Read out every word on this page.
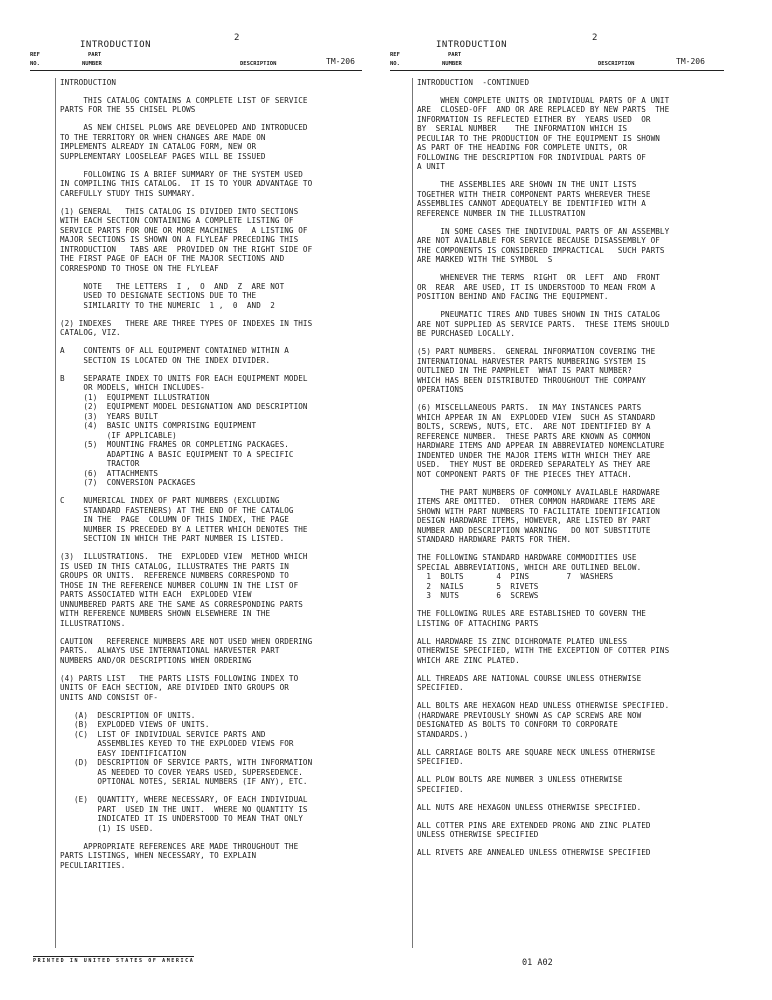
2
INTRODUCTION
REF
NO.
PART
NUMBER	DESCRIPTION	TM-206
2
INTRODUCTION
REF
NO.
PART
NUMBER	DESCRIPTION	TM-206

INTRODUCTION

THIS CATALOG CONTAINS A COMPLETE LIST OF SERVICE
PARTS FOR THE 55 CHISEL PLOWS

AS NEW CHISEL PLOWS ARE DEVELOPED AND INTRODUCED
TO THE TERRITORY OR WHEN CHANGES ARE MADE ON
IMPLEMENTS ALREADY IN CATALOG FORM, NEW OR
SUPPLEMENTARY LOOSELEAF PAGES WILL BE ISSUED

FOLLOWING IS A BRIEF SUMMARY OF THE SYSTEM USED
IN COMPILING THIS CATALOG.  IT IS TO YOUR ADVANTAGE TO
CAREFULLY STUDY THIS SUMMARY.

(1) GENERAL   THIS CATALOG IS DIVIDED INTO SECTIONS
WITH EACH SECTION CONTAINING A COMPLETE LISTING OF
SERVICE PARTS FOR ONE OR MORE MACHINES   A LISTING OF
MAJOR SECTIONS IS SHOWN ON A FLYLEAF PRECEDING THIS
INTRODUCTION   TABS ARE  PROVIDED ON THE RIGHT SIDE OF
THE FIRST PAGE OF EACH OF THE MAJOR SECTIONS AND
CORRESPOND TO THOSE ON THE FLYLEAF

NOTE   THE LETTERS  I ,  O  AND  Z  ARE NOT
USED TO DESIGNATE SECTIONS DUE TO THE
SIMILARITY TO THE NUMERIC  1 ,  0  AND  2

(2) INDEXES   THERE ARE THREE TYPES OF INDEXES IN THIS
CATALOG, VIZ.

A    CONTENTS OF ALL EQUIPMENT CONTAINED WITHIN A
SECTION IS LOCATED ON THE INDEX DIVIDER.

B    SEPARATE INDEX TO UNITS FOR EACH EQUIPMENT MODEL
OR MODELS, WHICH INCLUDES-
(1)  EQUIPMENT ILLUSTRATION
(2)  EQUIPMENT MODEL DESIGNATION AND DESCRIPTION
(3)  YEARS BUILT
(4)  BASIC UNITS COMPRISING EQUIPMENT
(IF APPLICABLE)
(5)  MOUNTING FRAMES OR COMPLETING PACKAGES.
ADAPTING A BASIC EQUIPMENT TO A SPECIFIC
TRACTOR
(6)  ATTACHMENTS
(7)  CONVERSION PACKAGES

C    NUMERICAL INDEX OF PART NUMBERS (EXCLUDING
STANDARD FASTENERS) AT THE END OF THE CATALOG
IN THE  PAGE  COLUMN OF THIS INDEX, THE PAGE
NUMBER IS PRECEDED BY A LETTER WHICH DENOTES THE
SECTION IN WHICH THE PART NUMBER IS LISTED.

(3)  ILLUSTRATIONS.  THE  EXPLODED VIEW  METHOD WHICH
IS USED IN THIS CATALOG, ILLUSTRATES THE PARTS IN
GROUPS OR UNITS.  REFERENCE NUMBERS CORRESPOND TO
THOSE IN THE REFERENCE NUMBER COLUMN IN THE LIST OF
PARTS ASSOCIATED WITH EACH  EXPLODED VIEW
UNNUMBERED PARTS ARE THE SAME AS CORRESPONDING PARTS
WITH REFERENCE NUMBERS SHOWN ELSEWHERE IN THE
ILLUSTRATIONS.

CAUTION   REFERENCE NUMBERS ARE NOT USED WHEN ORDERING
PARTS.  ALWAYS USE INTERNATIONAL HARVESTER PART
NUMBERS AND/OR DESCRIPTIONS WHEN ORDERING

(4) PARTS LIST   THE PARTS LISTS FOLLOWING INDEX TO
UNITS OF EACH SECTION, ARE DIVIDED INTO GROUPS OR
UNITS AND CONSIST OF-

(A)  DESCRIPTION OF UNITS.
(B)  EXPLODED VIEWS OF UNITS.
(C)  LIST OF INDIVIDUAL SERVICE PARTS AND
ASSEMBLIES KEYED TO THE EXPLODED VIEWS FOR
EASY IDENTIFICATION
(D)  DESCRIPTION OF SERVICE PARTS, WITH INFORMATION
AS NEEDED TO COVER YEARS USED, SUPERSEDENCE.
OPTIONAL NOTES, SERIAL NUMBERS (IF ANY), ETC.

(E)  QUANTITY, WHERE NECESSARY, OF EACH INDIVIDUAL
PART  USED IN THE UNIT.  WHERE NO QUANTITY IS
INDICATED IT IS UNDERSTOOD TO MEAN THAT ONLY
(1) IS USED.

APPROPRIATE REFERENCES ARE MADE THROUGHOUT THE
PARTS LISTINGS, WHEN NECESSARY, TO EXPLAIN
PECULIARITIES.

INTRODUCTION  -CONTINUED

WHEN COMPLETE UNITS OR INDIVIDUAL PARTS OF A UNIT
ARE  CLOSED-OFF  AND OR ARE REPLACED BY NEW PARTS  THE
INFORMATION IS REFLECTED EITHER BY  YEARS USED  OR
BY  SERIAL NUMBER    THE INFORMATION WHICH IS
PECULIAR TO THE PRODUCTION OF THE EQUIPMENT IS SHOWN
AS PART OF THE HEADING FOR COMPLETE UNITS, OR
FOLLOWING THE DESCRIPTION FOR INDIVIDUAL PARTS OF
A UNIT

THE ASSEMBLIES ARE SHOWN IN THE UNIT LISTS
TOGETHER WITH THEIR COMPONENT PARTS WHEREVER THESE
ASSEMBLIES CANNOT ADEQUATELY BE IDENTIFIED WITH A
REFERENCE NUMBER IN THE ILLUSTRATION

IN SOME CASES THE INDIVIDUAL PARTS OF AN ASSEMBLY
ARE NOT AVAILABLE FOR SERVICE BECAUSE DISASSEMBLY OF
THE COMPONENTS IS CONSIDERED IMPRACTICAL   SUCH PARTS
ARE MARKED WITH THE SYMBOL  S

WHENEVER THE TERMS  RIGHT  OR  LEFT  AND  FRONT
OR  REAR  ARE USED, IT IS UNDERSTOOD TO MEAN FROM A
POSITION BEHIND AND FACING THE EQUIPMENT.

PNEUMATIC TIRES AND TUBES SHOWN IN THIS CATALOG
ARE NOT SUPPLIED AS SERVICE PARTS.  THESE ITEMS SHOULD
BE PURCHASED LOCALLY.

(5) PART NUMBERS.  GENERAL INFORMATION COVERING THE
INTERNATIONAL HARVESTER PARTS NUMBERING SYSTEM IS
OUTLINED IN THE PAMPHLET  WHAT IS PART NUMBER?
WHICH HAS BEEN DISTRIBUTED THROUGHOUT THE COMPANY
OPERATIONS

(6) MISCELLANEOUS PARTS.  IN MAY INSTANCES PARTS
WHICH APPEAR IN AN  EXPLODED VIEW  SUCH AS STANDARD
BOLTS, SCREWS, NUTS, ETC.  ARE NOT IDENTIFIED BY A
REFERENCE NUMBER.  THESE PARTS ARE KNOWN AS COMMON
HARDWARE ITEMS AND APPEAR IN ABBREVIATED NOMENCLATURE
INDENTED UNDER THE MAJOR ITEMS WITH WHICH THEY ARE
USED.  THEY MUST BE ORDERED SEPARATELY AS THEY ARE
NOT COMPONENT PARTS OF THE PIECES THEY ATTACH.

THE PART NUMBERS OF COMMONLY AVAILABLE HARDWARE
ITEMS ARE OMITTED.  OTHER COMMON HARDWARE ITEMS ARE
SHOWN WITH PART NUMBERS TO FACILITATE IDENTIFICATION
DESIGN HARDWARE ITEMS, HOWEVER, ARE LISTED BY PART
NUMBER AND DESCRIPTION WARNING   DO NOT SUBSTITUTE
STANDARD HARDWARE PARTS FOR THEM.

THE FOLLOWING STANDARD HARDWARE COMMODITIES USE
SPECIAL ABBREVIATIONS, WHICH ARE OUTLINED BELOW.
1  BOLTS       4  PINS        7  WASHERS
2  NAILS       5  RIVETS
3  NUTS        6  SCREWS

THE FOLLOWING RULES ARE ESTABLISHED TO GOVERN THE
LISTING OF ATTACHING PARTS

ALL HARDWARE IS ZINC DICHROMATE PLATED UNLESS
OTHERWISE SPECIFIED, WITH THE EXCEPTION OF COTTER PINS
WHICH ARE ZINC PLATED.

ALL THREADS ARE NATIONAL COURSE UNLESS OTHERWISE
SPECIFIED.

ALL BOLTS ARE HEXAGON HEAD UNLESS OTHERWISE SPECIFIED.
(HARDWARE PREVIOUSLY SHOWN AS CAP SCREWS ARE NOW
DESIGNATED AS BOLTS TO CONFORM TO CORPORATE
STANDARDS.)

ALL CARRIAGE BOLTS ARE SQUARE NECK UNLESS OTHERWISE
SPECIFIED.

ALL PLOW BOLTS ARE NUMBER 3 UNLESS OTHERWISE
SPECIFIED.

ALL NUTS ARE HEXAGON UNLESS OTHERWISE SPECIFIED.

ALL COTTER PINS ARE EXTENDED PRONG AND ZINC PLATED
UNLESS OTHERWISE SPECIFIED

ALL RIVETS ARE ANNEALED UNLESS OTHERWISE SPECIFIED

PRINTED IN UNITED STATES OF AMERICA	01 A02
